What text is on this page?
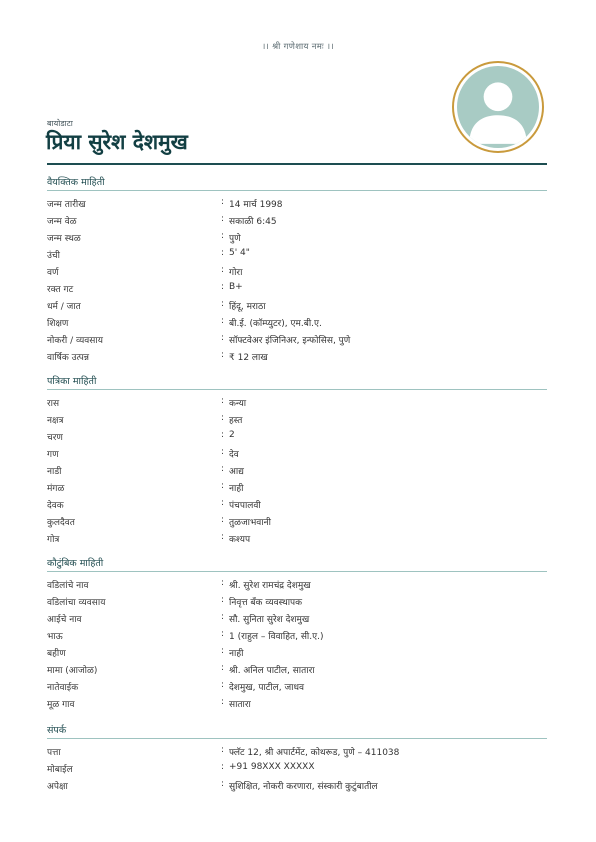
।। श्री गणेशाय नमः ।।
बायोडाटा
प्रिया सुरेश देशमुख
वैयक्तिक माहिती
जन्म तारीख	: 14 मार्च 1998
जन्म वेळ	: सकाळी 6:45
जन्म स्थळ	: पुणे
उंची	: 5' 4"
वर्ण	: गोरा
रक्त गट	: B+
धर्म / जात	: हिंदू, मराठा
शिक्षण	: बी.ई. (कॉम्प्युटर), एम.बी.ए.
नोकरी / व्यवसाय	: सॉफ्टवेअर इंजिनिअर, इन्फोसिस, पुणे
वार्षिक उत्पन्न	: ₹ 12 लाख
पत्रिका माहिती
रास	: कन्या
नक्षत्र	: हस्त
चरण	: 2
गण	: देव
नाडी	: आद्य
मंगळ	: नाही
देवक	: पंचपालवी
कुलदैवत	: तुळजाभवानी
गोत्र	: कश्यप
कौटुंबिक माहिती
वडिलांचे नाव	: श्री. सुरेश रामचंद्र देशमुख
वडिलांचा व्यवसाय	: निवृत्त बँक व्यवस्थापक
आईचे नाव	: सौ. सुनिता सुरेश देशमुख
भाऊ	: 1 (राहुल – विवाहित, सी.ए.)
बहीण	: नाही
मामा (आजोळ)	: श्री. अनिल पाटील, सातारा
नातेवाईक	: देशमुख, पाटील, जाधव
मूळ गाव	: सातारा
संपर्क
पत्ता	: फ्लॅट 12, श्री अपार्टमेंट, कोथरूड, पुणे – 411038
मोबाईल	: +91 98XXX XXXXX
अपेक्षा	: सुशिक्षित, नोकरी करणारा, संस्कारी कुटुंबातील
